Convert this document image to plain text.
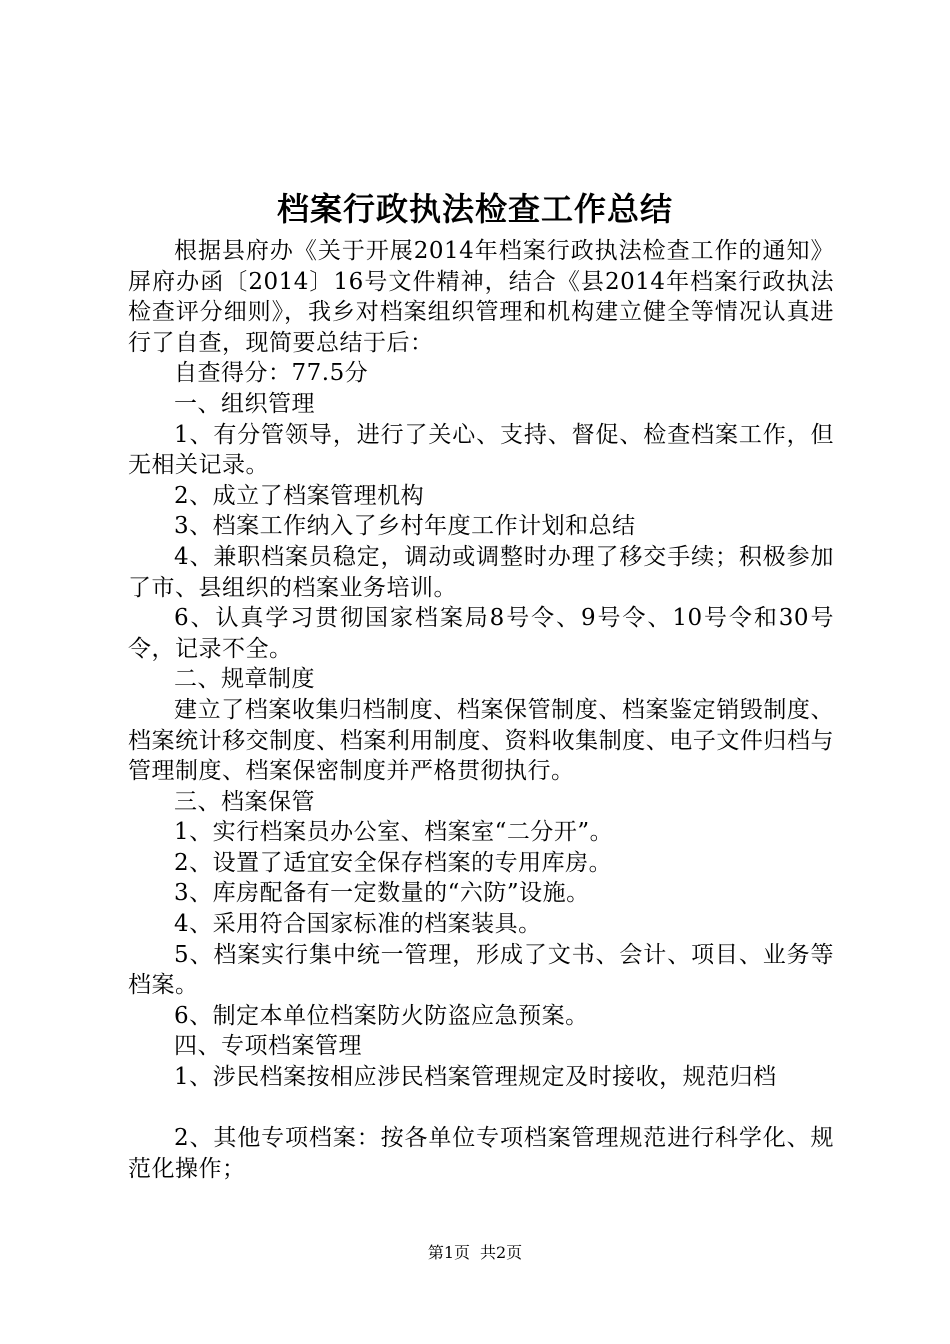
档案行政执法检查工作总结

根据县府办《关于开展2014年档案行政执法检查工作的通知》屏府办函〔2014〕16号文件精神，结合《县2014年档案行政执法检查评分细则》，我乡对档案组织管理和机构建立健全等情况认真进行了自查，现简要总结于后：

自查得分：77.5分

一、组织管理

1、有分管领导，进行了关心、支持、督促、检查档案工作，但无相关记录。

2、成立了档案管理机构

3、档案工作纳入了乡村年度工作计划和总结

4、兼职档案员稳定，调动或调整时办理了移交手续；积极参加了市、县组织的档案业务培训。

6、认真学习贯彻国家档案局8号令、9号令、10号令和30号令，记录不全。

二、规章制度

建立了档案收集归档制度、档案保管制度、档案鉴定销毁制度、档案统计移交制度、档案利用制度、资料收集制度、电子文件归档与管理制度、档案保密制度并严格贯彻执行。

三、档案保管

1、实行档案员办公室、档案室“二分开”。

2、设置了适宜安全保存档案的专用库房。

3、库房配备有一定数量的“六防”设施。

4、采用符合国家标准的档案装具。

5、档案实行集中统一管理，形成了文书、会计、项目、业务等档案。

6、制定本单位档案防火防盗应急预案。

四、专项档案管理

1、涉民档案按相应涉民档案管理规定及时接收，规范归档

2、其他专项档案：按各单位专项档案管理规范进行科学化、规范化操作；

第1页 共2页
